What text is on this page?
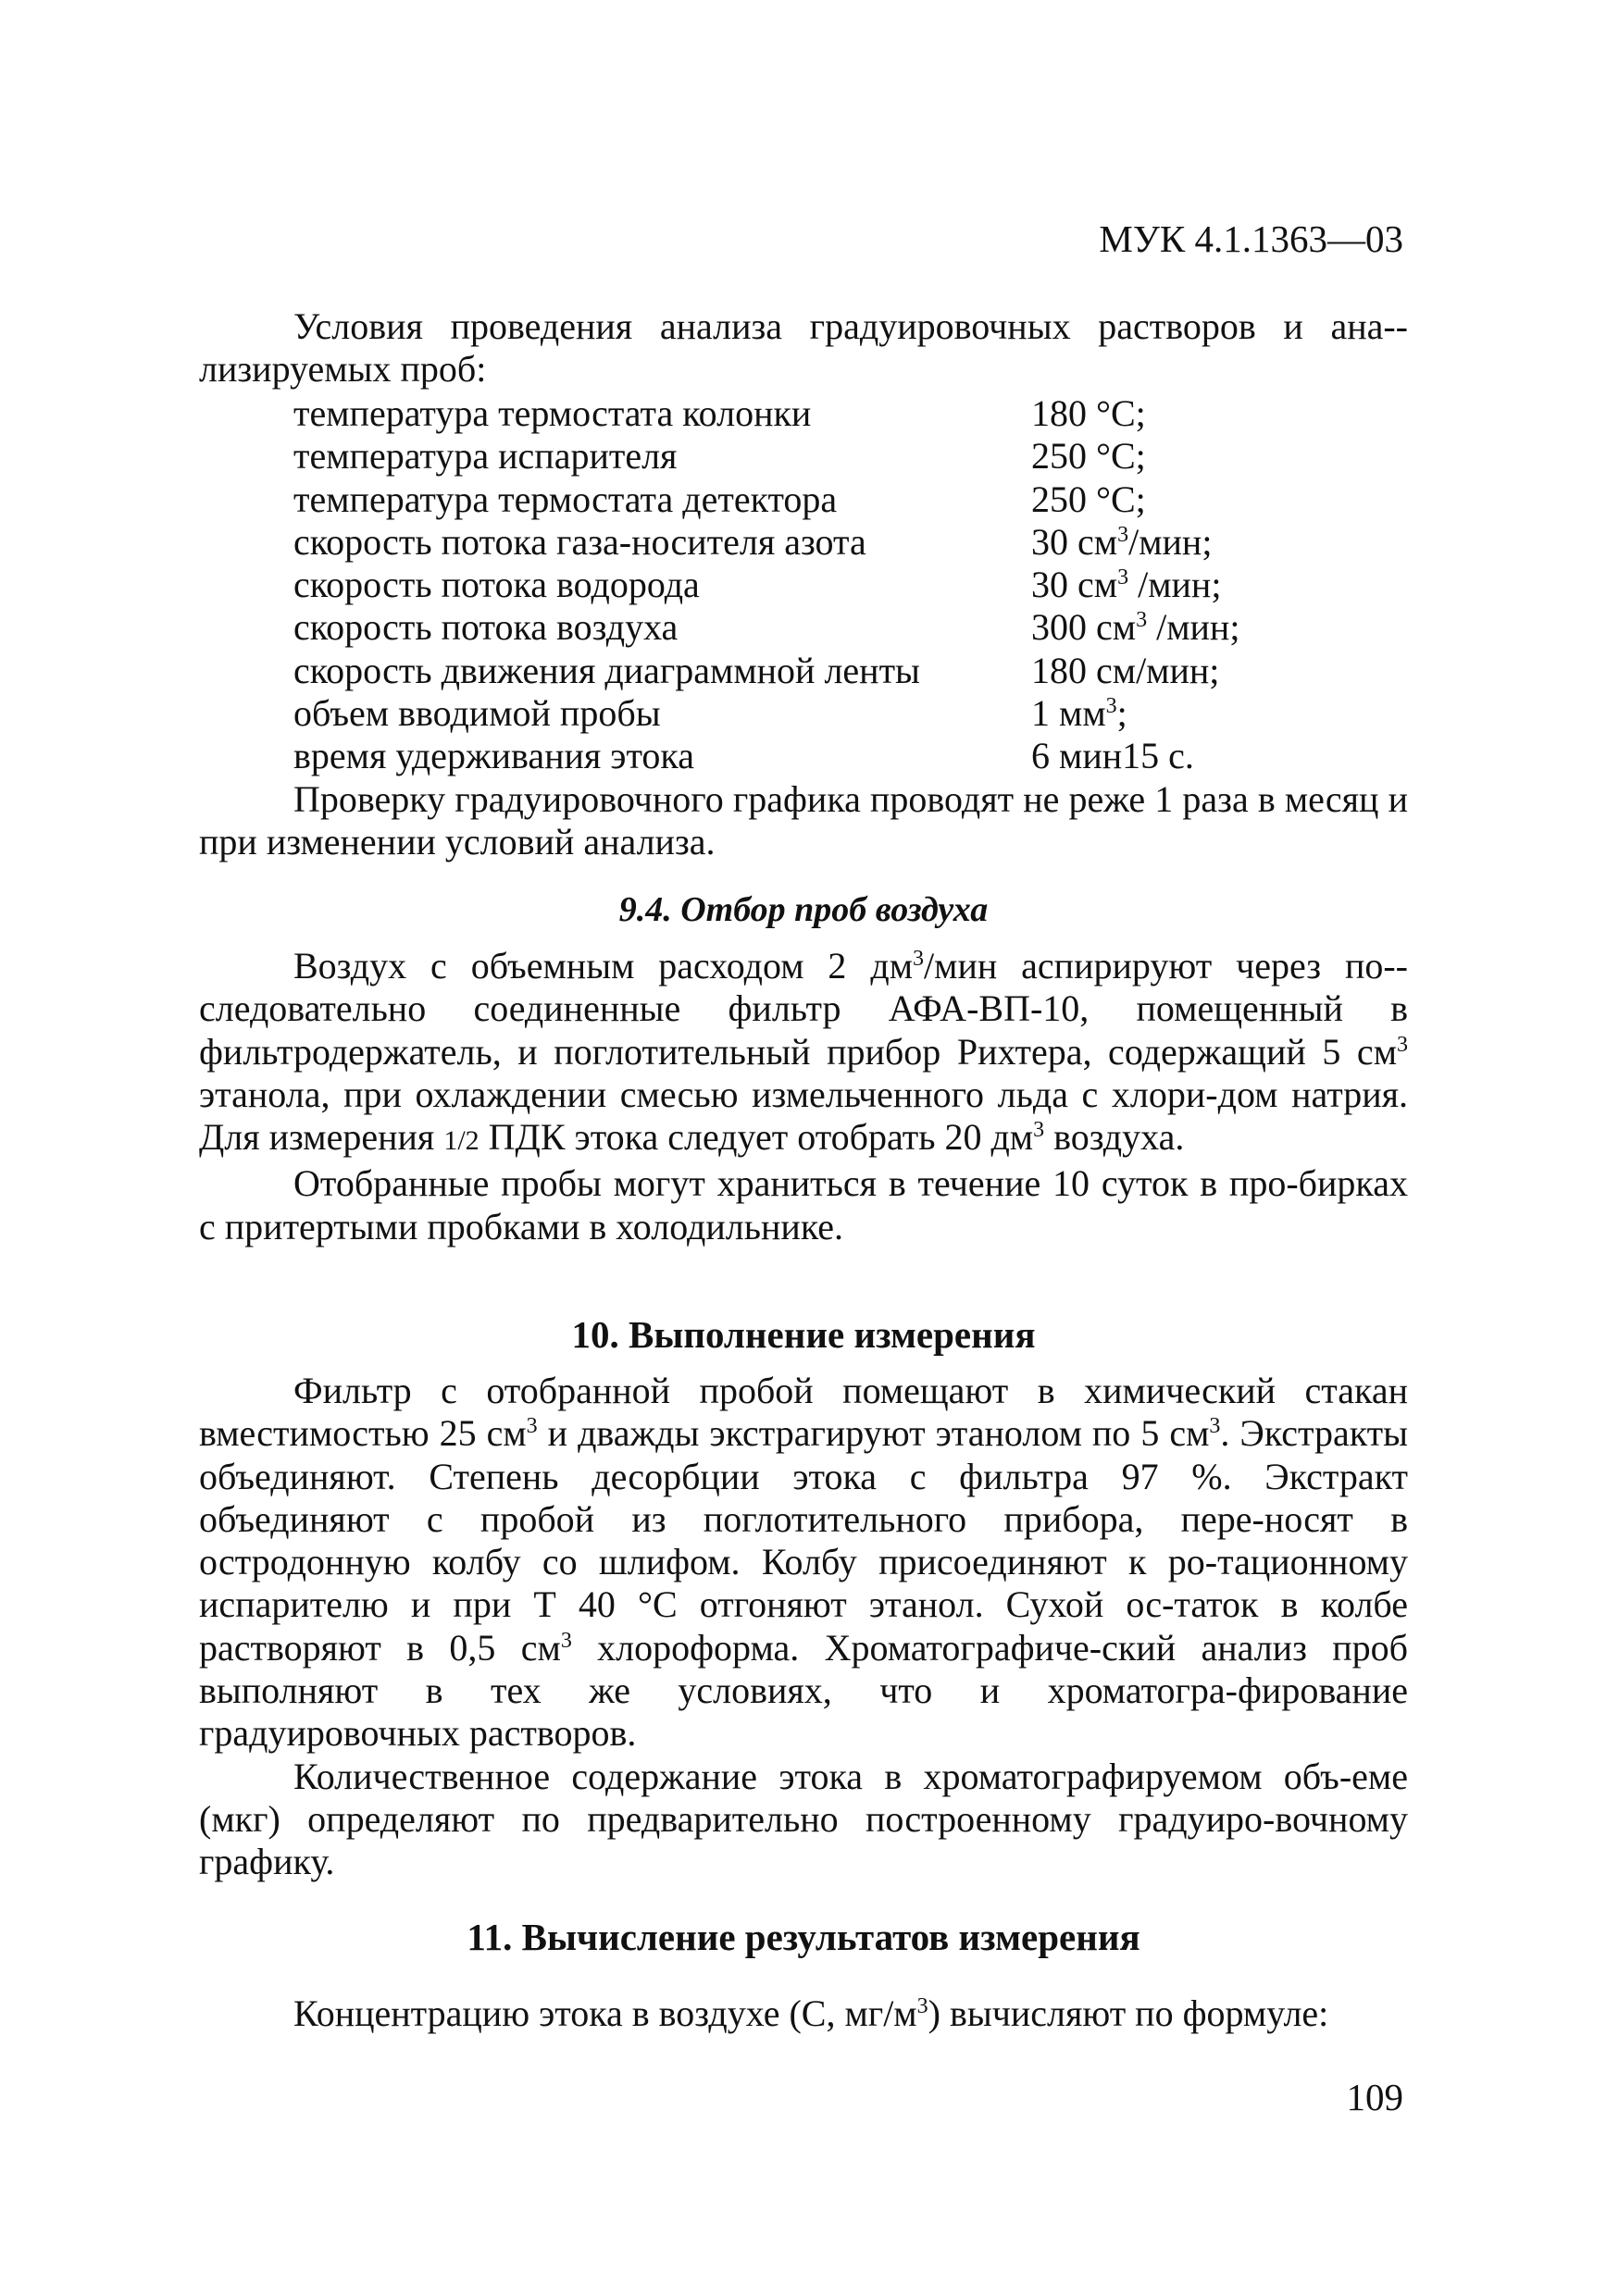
МУК 4.1.1363—03

Условия проведения анализа градуировочных растворов и ана-лизируемых проб:

температура термостата колонки	180 °С;
температура испарителя	250 °С;
температура термостата детектора	250 °С;
скорость потока газа-носителя азота	30 $см^3$/мин;
скорость потока водорода	30 $см^3$ /мин;
скорость потока воздуха	300 $см^3$ /мин;
скорость движения диаграммной ленты	180 см/мин;
объем вводимой пробы	1 $мм^3$;
время удерживания этока	6 мин15 с.

Проверку градуировочного графика проводят не реже 1 раза в месяц и при изменении условий анализа.

9.4. Отбор проб воздуха

Воздух с объемным расходом 2 $дм^3$/мин аспирируют через по-следовательно соединенные фильтр АФА-ВП-10, помещенный в фильтродержатель, и поглотительный прибор Рихтера, содержащий 5 $см^3$ этанола, при охлаждении смесью измельченного льда с хлори-дом натрия. Для измерения 1/2 ПДК этока следует отобрать 20 $дм^3$ воздуха.

Отобранные пробы могут храниться в течение 10 суток в про-бирках с притертыми пробками в холодильнике.

10. Выполнение измерения

Фильтр с отобранной пробой помещают в химический стакан вместимостью 25 $см^3$ и дважды экстрагируют этанолом по 5 $см^3$. Экстракты объединяют. Степень десорбции этока с фильтра 97 %. Экстракт объединяют с пробой из поглотительного прибора, пере-носят в остродонную колбу со шлифом. Колбу присоединяют к ро-тационному испарителю и при Т 40 °С отгоняют этанол. Сухой ос-таток в колбе растворяют в 0,5 $см^3$ хлороформа. Хроматографиче-ский анализ проб выполняют в тех же условиях, что и хроматогра-фирование градуировочных растворов.

Количественное содержание этока в хроматографируемом объ-еме (мкг) определяют по предварительно построенному градуиро-вочному графику.

11. Вычисление результатов измерения
Концентрацию этока в воздухе (С, $мг/м^3$) вычисляют по формуле:
109
